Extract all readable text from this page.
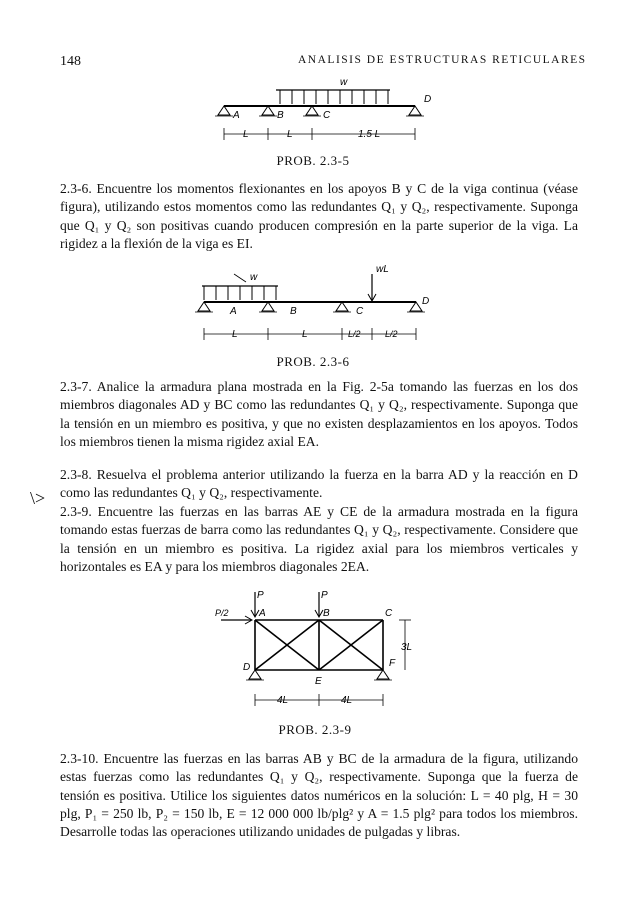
148	ANALISIS DE ESTRUCTURAS RETICULARES
w
A	B	C
D
L	L	1.5 L
PROB. 2.3-5

2.3-6. Encuentre los momentos flexionantes en los apoyos B y C de la viga continua (véase figura), utilizando estos momentos como las redundantes Q₁ y Q₂, respectivamente. Suponga que Q₁ y Q₂ son positivas cuando producen compresión en la parte superior de la viga. La rigidez a la flexión de la viga es EI.

w
wL
A	B	C
D
L	L	L/2	L/2
PROB. 2.3-6
\>

2.3-7. Analice la armadura plana mostrada en la Fig. 2-5a tomando las fuerzas en los dos miembros diagonales AD y BC como las redundantes Q₁ y Q₂, respectivamente. Suponga que la tensión en un miembro es positiva, y que no existen desplazamientos en los apoyos. Todos los miembros tienen la misma rigidez axial EA.

2.3-8. Resuelva el problema anterior utilizando la fuerza en la barra AD y la reacción en D como las redundantes Q₁ y Q₂, respectivamente.

2.3-9. Encuentre las fuerzas en las barras AE y CE de la armadura mostrada en la figura tomando estas fuerzas de barra como las redundantes Q₁ y Q₂, respectivamente. Considere que la tensión en un miembro es positiva. La rigidez axial para los miembros verticales y horizontales es EA y para los miembros diagonales 2EA.

P	P
P/2	A	B	C
D
E
F
3L
4L	4L
PROB. 2.3-9

2.3-10. Encuentre las fuerzas en las barras AB y BC de la armadura de la figura, utilizando estas fuerzas como las redundantes Q₁ y Q₂, respectivamente. Suponga que la fuerza de tensión es positiva. Utilice los siguientes datos numéricos en la solución: L = 40 plg, H = 30 plg, P₁ = 250 lb, P₂ = 150 lb, E = 12 000 000 lb/plg² y A = 1.5 plg² para todos los miembros. Desarrolle todas las operaciones utilizando unidades de pulgadas y libras.
